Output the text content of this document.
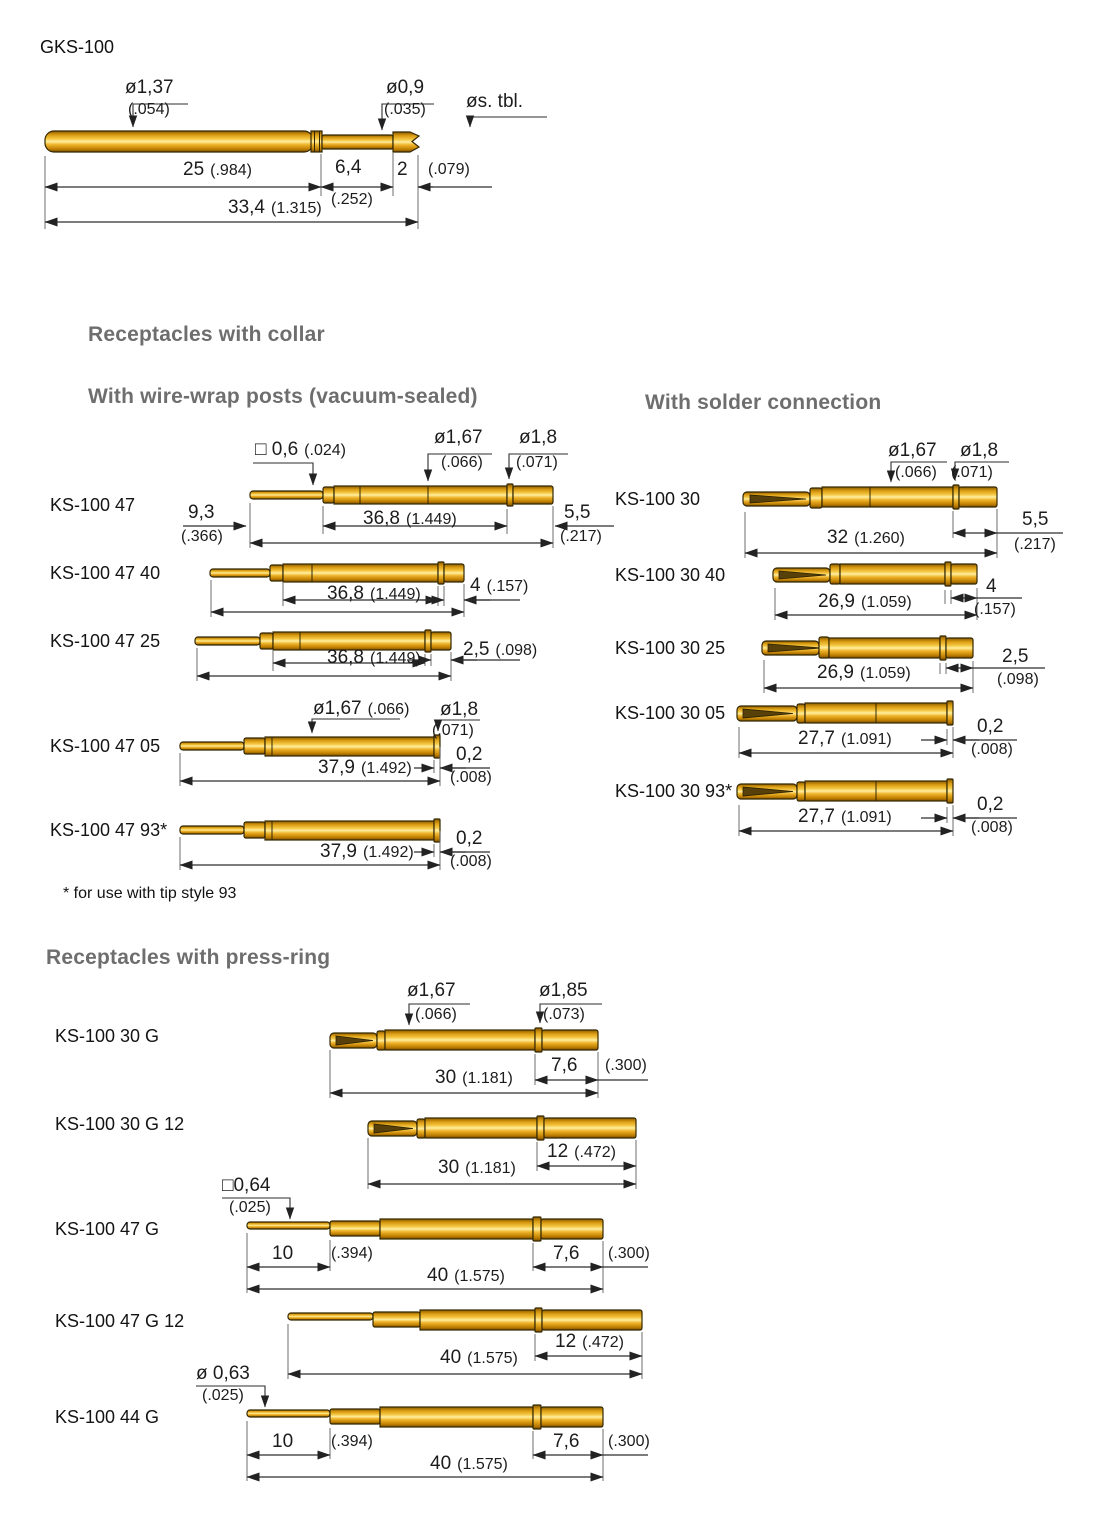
GKS-100
ø1,37
(.054)
ø0,9
(.035) øs. tbl.
25 (.984)	6,4
(.252)
2 (.079)
33,4 (1.315)
Receptacles with collar
With wire-wrap posts (vacuum-sealed)	With solder connection
Receptacles with press-ring
* for use with tip style 93
KS-100 47
□ 0,6 (.024)
ø1,67
(.066)
ø1,8
(.071)
9,3
(.366)
36,8 (1.449)	5,5
(.217)
KS-100 47 40
36,8 (1.449)	4 (.157)
KS-100 47 25
36,8 (1.449) 2,5 (.098)
KS-100 47 05
ø1,67 (.066) ø1,8
(.071)
37,9 (1.492)
0,2
(.008)
KS-100 47 93*
37,9 (1.492)
0,2
(.008)
KS-100 30
ø1,67
(.066)
ø1,8
(.071)
32 (1.260)
5,5
(.217)
KS-100 30 40
26,9 (1.059)
4
(.157)
KS-100 30 25
26,9 (1.059)
2,5
(.098)
KS-100 30 05
27,7 (1.091)
0,2
(.008)
KS-100 30 93*
27,7 (1.091)
0,2
(.008)
KS-100 30 G
ø1,67
(.066)
ø1,85
(.073)
30 (1.181)
7,6 (.300)
KS-100 30 G 12
30 (1.181)
12 (.472)
KS-100 47 G
□0,64
(.025)
10 (.394)
40 (1.575)
7,6 (.300)
KS-100 47 G 12
40 (1.575)
12 (.472)
KS-100 44 G
ø 0,63
(.025)
10 (.394)
40 (1.575)
7,6 (.300)
